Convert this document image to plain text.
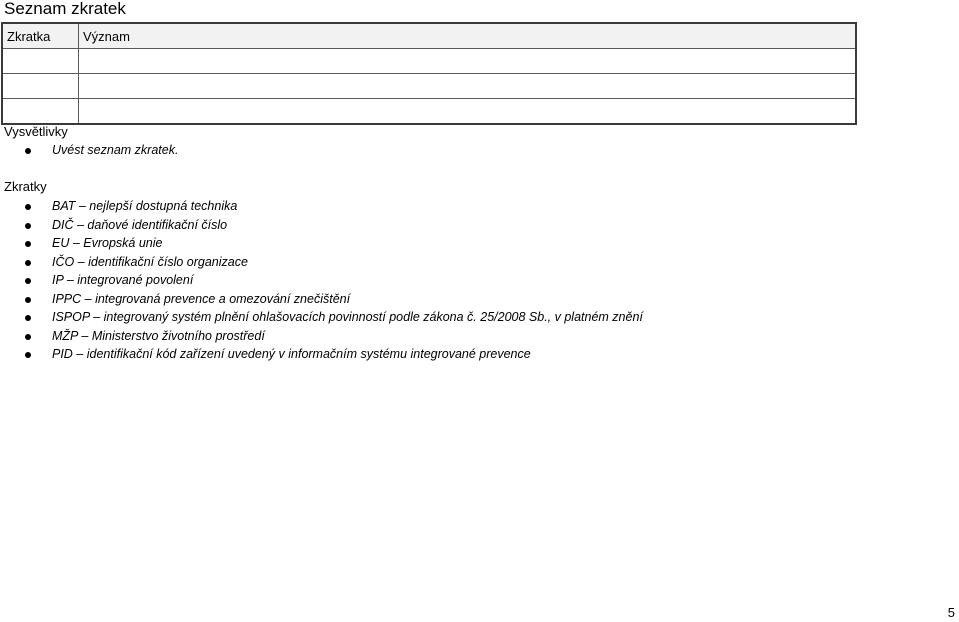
Seznam zkratek
Zkratka	Význam

Vysvětlivky
Uvést seznam zkratek.
Zkratky
BAT – nejlepší dostupná technika
DIČ – daňové identifikační číslo
EU – Evropská unie
IČO – identifikační číslo organizace
IP – integrované povolení
IPPC – integrovaná prevence a omezování znečištění
ISPOP – integrovaný systém plnění ohlašovacích povinností podle zákona č. 25/2008 Sb., v platném znění
MŽP – Ministerstvo životního prostředí
PID – identifikační kód zařízení uvedený v informačním systému integrované prevence
5
